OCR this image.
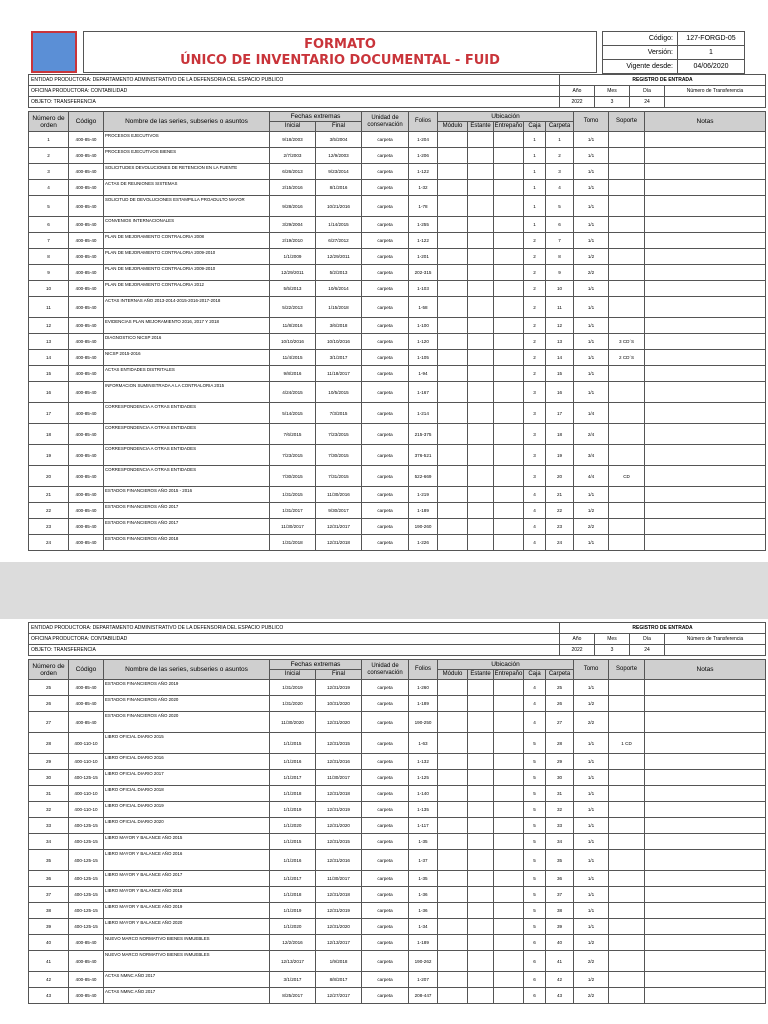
FORMATO
ÚNICO DE INVENTARIO DOCUMENTAL - FUID
Código:	127-FORGD-05
Versión:	1
Vigente desde:	04/06/2020
ENTIDAD PRODUCTORA: DEPARTAMENTO ADMINISTRATIVO DE LA DEFENSORIA DEL ESPACIO PUBLICO	REGISTRO DE ENTRADA			
OFICINA PRODUCTORA: CONTABILIDAD	Año	Mes	Día	Número de Transferencia
OBJETO: TRANSFERENCIA	2022	3	24	
Número de orden	Código	Nombre de las series, subseries o asuntos	Fechas extremas		Unidad de conservación	Folios	Ubicación					Tomo	Soporte	Notas
			Inicial	Final			Módulo	Estante	Entrepaño	Caja	Carpeta			
1	400-85-40	PROCESOS EJECUTIVOS	9/18/2003	3/5/2004	carpeta	1-204				1	1	1/1		
2	400-85-40	PROCESOS EJECUTIVOS BIENES	2/7/2003	12/9/2003	carpeta	1-206				1	2	1/1		
3	400-85-40	SOLICITUDES DEVOLUCIONES DE RETENCION EN LA FUENTE	6/26/2013	9/23/2014	carpeta	1-122				1	3	1/1		
4	400-85-40	ACTAS DE REUNIONES SISTEMAS	2/15/2016	8/1/2016	carpeta	1-32				1	4	1/1		
5	400-85-40	SOLICITUD DE DEVOLUCIONES ESTAMPILLA PROADULTO MAYOR	9/28/2016	10/21/2016	carpeta	1-78				1	5	1/1		
6	400-85-40	CONVENIOS INTERNACIONALES	3/29/2004	1/14/2015	carpeta	1-255				1	6	1/1		
7	400-85-40	PLAN DE MEJORAMIENTO CONTRALORIA 2008	2/19/2010	6/27/2012	carpeta	1-122				2	7	1/1		
8	400-85-40	PLAN DE MEJORAMIENTO CONTRALORIA 2009-2010	1/1/2009	12/29/2011	carpeta	1-201				2	8	1/2		
9	400-85-40	PLAN DE MEJORAMIENTO CONTRALORIA 2009-2010	12/29/2011	5/2/2013	carpeta	202-315				2	9	2/2		
10	400-85-40	PLAN DE MEJORAMIENTO CONTRALORIA 2012	5/5/2013	10/6/2014	carpeta	1-103				2	10	1/1		
11	400-85-40	ACTAS INTERNAS AÑO 2013-2014-2015-2016-2017-2018	5/22/2013	1/15/2018	carpeta	1-58				2	11	1/1		
12	400-85-40	EVIDENCIAS PLAN MEJORAMIENTO 2016, 2017 Y 2018	11/8/2016	3/6/2018	carpeta	1-100				2	12	1/1		
13	400-85-40	DIAGNOSTICO NICSP 2016	10/10/2016	10/10/2016	carpeta	1-120				2	13	1/1	3 CD´S	
14	400-85-40	NICSP 2015-2016	11/4/2015	3/1/2017	carpeta	1-105				2	14	1/1	2 CD´S	
15	400-85-40	ACTAS ENTIDADES DISTRITALES	9/8/2016	11/18/2017	carpeta	1-94				2	15	1/1		
16	400-85-40	INFORMACION SUMINISTRADA A LA CONTRALORIA 2015	4/24/2015	10/5/2015	carpeta	1-167				3	16	1/1		
17	400-85-40	CORRESPONDENCIA A OTRAS ENTIDADES	5/14/2015	7/3/2015	carpeta	1-214				3	17	1/4		
18	400-85-40	CORRESPONDENCIA A OTRAS ENTIDADES	7/6/2015	7/23/2015	carpeta	215-375				3	18	2/4		
19	400-85-40	CORRESPONDENCIA A OTRAS ENTIDADES	7/23/2015	7/30/2015	carpeta	376-521				3	19	3/4		
20	400-85-40	CORRESPONDENCIA A OTRAS ENTIDADES	7/30/2015	7/31/2015	carpeta	522-669				3	20	4/4	CD	
21	400-85-40	ESTADOS FINANCIEROS AÑO 2015 - 2016	1/31/2015	11/30/2016	carpeta	1-219				4	21	1/1		
22	400-85-40	ESTADOS FINANCIEROS AÑO 2017	1/31/2017	9/30/2017	carpeta	1-189				4	22	1/2		
23	400-85-40	ESTADOS FINANCIEROS AÑO 2017	11/30/2017	12/31/2017	carpeta	190-260				4	23	2/2		
24	400-85-40	ESTADOS FINANCIEROS AÑO 2018	1/31/2018	12/31/2018	carpeta	1-226				4	24	1/1		
ENTIDAD PRODUCTORA: DEPARTAMENTO ADMINISTRATIVO DE LA DEFENSORIA DEL ESPACIO PUBLICO	REGISTRO DE ENTRADA			
OFICINA PRODUCTORA: CONTABILIDAD	Año	Mes	Día	Número de Transferencia
OBJETO: TRANSFERENCIA	2022	3	24	
Número de orden	Código	Nombre de las series, subseries o asuntos	Fechas extremas		Unidad de conservación	Folios	Ubicación					Tomo	Soporte	Notas
			Inicial	Final			Módulo	Estante	Entrepaño	Caja	Carpeta			
25	400-85-40	ESTADOS FINANCIEROS AÑO 2019	1/31/2019	12/31/2019	carpeta	1-260				4	25	1/1		
26	400-85-40	ESTADOS FINANCIEROS AÑO 2020	1/31/2020	10/31/2020	carpeta	1-189				4	26	1/2		
27	400-85-40	ESTADOS FINANCIEROS AÑO 2020	11/30/2020	12/31/2020	carpeta	190-250				4	27	2/2		
28	400-110-10	LIBRO OFICIAL DIARIO 2015	1/1/2015	12/31/2015	carpeta	1-63				5	28	1/1	1 CD	
29	400-110-10	LIBRO OFICIAL DIARIO 2016	1/1/2016	12/31/2016	carpeta	1-132				5	29	1/1		
30	400-125-15	LIBRO OFICIAL DIARIO 2017	1/1/2017	11/30/2017	carpeta	1-125				5	30	1/1		
31	400-110-10	LIBRO OFICIAL DIARIO 2018	1/1/2018	12/31/2018	carpeta	1-140				5	31	1/1		
32	400-110-10	LIBRO OFICIAL DIARIO 2019	1/1/2019	12/31/2019	carpeta	1-135				5	32	1/1		
33	400-125-15	LIBRO OFICIAL DIARIO 2020	1/1/2020	12/31/2020	carpeta	1-117				5	33	1/1		
34	400-125-15	LIBRO MAYOR Y BALANCE AÑO 2015	1/1/2015	12/31/2015	carpeta	1-35				5	34	1/1		
35	400-125-15	LIBRO MAYOR Y BALANCE AÑO 2016	1/1/2016	12/31/2016	carpeta	1-37				5	35	1/1		
36	400-125-15	LIBRO MAYOR Y BALANCE AÑO 2017	1/1/2017	11/30/2017	carpeta	1-35				5	36	1/1		
37	400-125-15	LIBRO MAYOR Y BALANCE AÑO 2018	1/1/2018	12/31/2018	carpeta	1-36				5	37	1/1		
38	400-125-15	LIBRO MAYOR Y BALANCE AÑO 2019	1/1/2019	12/31/2019	carpeta	1-36				5	38	1/1		
39	400-125-15	LIBRO MAYOR Y BALANCE AÑO 2020	1/1/2020	12/31/2020	carpeta	1-34				5	39	1/1		
40	400-85-40	NUEVO MARCO NORMATIVO BIENES INMUEBLES	12/2/2016	12/13/2017	carpeta	1-189				6	40	1/2		
41	400-85-40	NUEVO MARCO NORMATIVO BIENES INMUEBLES	12/13/2017	1/9/2018	carpeta	190-262				6	41	2/2		
42	400-85-40	ACTAS NMNC AÑO 2017	3/1/2017	8/8/2017	carpeta	1-207				6	42	1/2		
43	400-85-40	ACTAS NMNC AÑO 2017	8/25/2017	12/27/2017	carpeta	208-447				6	43	2/2		
